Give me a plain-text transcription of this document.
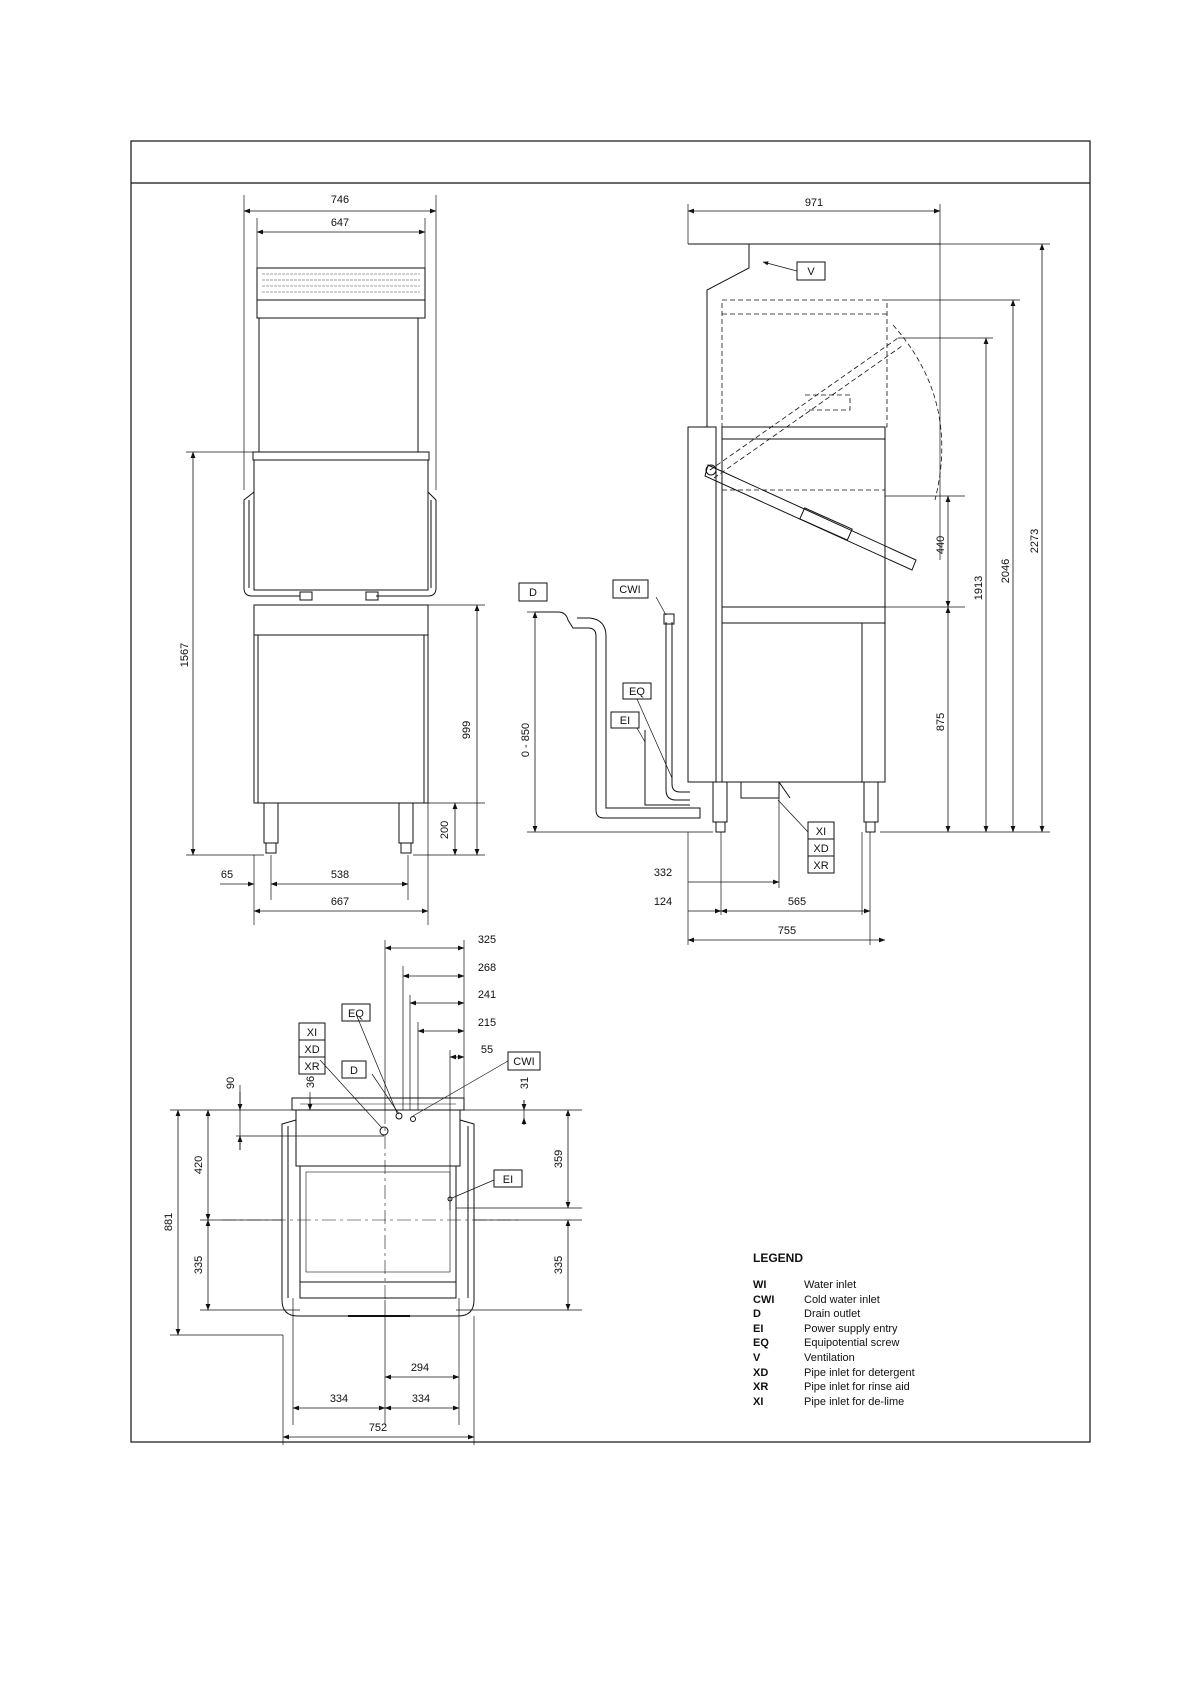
746
647
1567
999
200
65	538
667
971
440
1913
2046
2273
875
0 - 850
332
124	565
755
V
D	CWI
EQ
EI
XI
XD
XR
325
268
241
215
55
90	36	31
420
335
881
359
335
294
334	334
752
XI
XD
XR
EQ
D
CWI
EI
LEGEND
WI	Water inlet
CWI	Cold water inlet
D	Drain outlet
EI	Power supply entry
EQ	Equipotential screw
V	Ventilation
XD	Pipe inlet for detergent
XR	Pipe inlet for rinse aid
XI	Pipe inlet for de-lime
